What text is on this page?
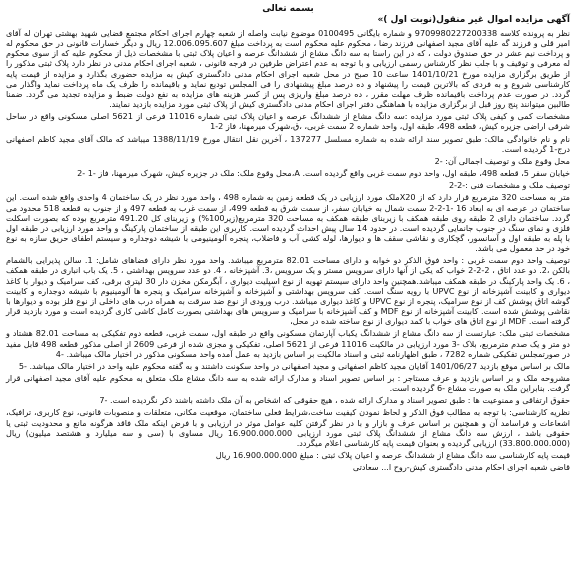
بسمه تعالی
آگهی مزایده اموال غیر منقول(نوبت اول )»

نظر به پرونده کلاسه 9709980227200338 و شماره بایگانی 0100495 موضوع نیابت واصله از شعبه چهارم اجرای احکام مجتمع قضایی شهید بهشتی تهران له آقای امیر قلی و فرزند گه علیه آقای مجید اصفهانی فرزند رضا ، محکوم علیه محکوم است به پرداخت مبلغ 12.006.095.607 ریال و دیگر خسارات قانونی در حق محکوم له و پرداخت نیم عشر در حق صندوق دولت ، که در این راستا به سه دانگ مشاع از ششدانگ عرصه و اعیان پلاک ثبتی با مشخصات ذیل از محکوم علیه که از سوی محکوم له معرفی و توقیف و با جلب نظر کارشناس رسمی ارزیابی و با توجه به عدم اعتراض طرفین در فرجه قانونی ، شعبه اجرای احکام مدنی در نظر دارد پلاک ثبتی مذکور را از طریق برگزاری مزایده مورخ 1401/10/21 ساعت 10 صبح در محل شعبه اجرای احکام مدنی دادگستری کیش به مزایده حضوری بگذارد و مزایده از قیمت پایه کارشناسی شروع و به فردی که بالاترین قیمت را پیشنهاد و ده درصد مبلغ پیشنهادی را فی المجلس تودیع نماید و باقیمانده را ظرف یک ماه پرداخت نماید واگذار می گردد. در صورت عدم پرداخت باقیمانده ظرف مهلت مقرر ، ده درصد مبلغ واریزی پس از کسر هزینه های مزایده به نفع دولت ضبط و مزایده تجدید می گردد. ضمنا طالبین میتوانند پنج روز قبل از برگزاری مزایده با هماهنگی دفتر اجرای احکام مدنی دادگستری کیش از پلاک ثبتی مورد مزایده بازدید نمایند.

مشخصات کمی و کیفی پلاک ثبتی مورد مزایده :سه دانگ مشاع از ششدانگ عرصه و اعیان پلاک ثبتی شماره 11016 فرعی از 5621 اصلی مسکونی واقع در ساحل شرقی اراضی جزیره کیش، قطعه 498، طبقه اول، واحد شماره 2 سمت غربی، ،ق،شهرک میرمهنا، فاز 2-1

نام و نام خانوادگی مالک: طبق تصویر سند ارائه شده به شماره مسلسل 137277 ، آخرین نقل انتقال مورخ 1388/11/19 میباشد که مالک آقای مجید کاظم اصفهانی درج-1 گردیده است.

محل وقوع ملک و توصیف اجمالی آن: -2

خیابان سفر 5، قطعه 498، طبقه اول، واحد دوم سمت غربی واقع گردیده است. A،محل وقوع ملک: ملک در جزیره کیش، شهرک میرمهنا، فاز -1 -2

توصیف ملک و مشخصات فنی :-2-2

متر به مساحت 320 مترمربع قرار دارد که از X20ملک مورد ارزیابی در یک قطعه زمین به شماره 498 ، واحد مورد نظر در یک ساختمان 4 واحدی واقع شده است. این ساختمان در عرصه ای به ابعاد 16 -1-2-2 سمت شمال به خیابان سفر، از سمت شرق به قطعه 499، از سمت غرب به قطعه 497 و از جنوب به قطعه 518 محدود می گردد. ساختمان دارای 2 طبقه روی طبقه همکف با زیربنای طبقه همکف به مساحت 320 مترمربع(زیر100%) و زیربنای کل 491.20 مترمربع بوده که بصورت اسکلت فلزی و نمای سنگ در جنوب جانمایی گردیده است. در حدود 14 سال پیش احداث گردیده است. کاربری این طبقه از ساختمان پارکینگ و واحد مورد ارزیابی در طبقه اول با پله به طبقه اول و آسانسور، گچکاری و نقاشی سقف ها و دیوارها، لوله کشی آب و فاضلاب، پنجره آلومینیومی با شیشه دوجداره و سیستم اطفای حریق سازه به نوع خود در حد معمول می باشد.

توصیف واحد دوم سمت غربی : واحد فوق الذکر دو خوابه و دارای مساحت 82.01 مترمربع میباشد. واحد مورد نظر دارای فضاهای شامل: 1. سالن پذیرایی بالشمام بالکن ،2. دو عدد اتاق ، 2-2-2 خواب که یکی از آنها دارای سرویس مستر و یک سرویس ،3. آشپزخانه ، 4. دو عدد سرویس بهداشتی ، 5. یک باب انباری در طبقه همکف ، 6. یک واحد پارکینگ در طبقه همکف میباشد.همچنین واحد دارای سیستم تهویه از نوع اسپلیت دیواری ، آبگرمکن مخزن دار 30 لیتری برقی، کف سرامیک و دیوار با کاغذ دیواری و کابینت آشپزخانه از نوع UPVC با رویه سنگ است. کف سرویس بهداشتی و آشپزخانه و آشپزخانه سرامیک و پنجره ها آلومینیوم با شیشه دوجداره و کابینت گوشه اتاق پوشش کف از نوع سرامیک، پنجره از نوع UPVC و کاغذ دیواری میباشد. درب ورودی از نوع ضد سرقت به همراه درب های داخلی از نوع فلز بوده و دیوارها با نقاشی پوشش شده است. کابینت آشپزخانه از نوع MDF و کف آشپزخانه با سرامیک و سرویس های بهداشتی بصورت کامل کاشی کاری گردیده است و مورد بازدید قرار گرفته است. MDF از نوع اتاق های خواب با کمد دیواری از نوع ساخته شده در محل،

مشخصات ثبتی ملک: عبارتست از سه دانگ مشاع از ششدانگ یکباب آپارتمان مسکونی واقع در طبقه اول، سمت غربی، قطعه دوم تفکیکی به مساحت 82.01 هشتاد و دو متر و یک صدم مترمربع، بلاک -3 مورد ارزیابی در مالکیت 11016 فرعی از 5621 اصلی، تفکیکی و مجزی شده از فرعی 2609 از اصلی مذکور قطعه 498 قابل مفید در صورتمجلس تفکیکی شماره 7282 ، طبق اظهارنامه ثبتی و اسناد مالکیت بر اساس بازدید به عمل آمده واحد مسکونی مذکور در اختیار مالک میباشد. -4

مالک بر اساس موقع بازدید 1401/06/27 آقایان مجید کاظم اصفهانی و مجید اصفهانی در واحد سکونت داشتند و به گفته محکوم علیه واحد در اختیار مالک میباشد. -5

مشروحه ملک و بر اساس بازدید و عرف مستاجر : بر اساس تصویر اسناد و مدارک ارائه شده به سه دانگ مشاع ملک متعلق به محکوم علیه آقای مجید اصفهانی قرار گرفت. بنابراین ملک به صورت مشاع -6 گردیده است.

حقوق ارتفاقی و ممنوعیت ها : طبق تصویر اسناد و مدارک ارائه شده ، هیچ حقوقی که اشخاص به آن ملک داشته باشند ذکر نگردیده است. -7

نظریه کارشناسی: با توجه به مطالب فوق الذکر و لحاظ نمودن کیفیت ساخت،شرایط فعلی ساختمان، موقعیت مکانی، متعلقات و منصوبات قانونی، نوع کاربری، ترافیک، اشعاعات و فراسامد آن و همچنین بر اساس عرف و بازار و با در نظر گرفتن کلیه عوامل موثر در ارزیابی و با فرض اینکه ملک فاقد هرگونه مانع و محدودیت ثبتی یا حقوقی باشد ، ارزش سه دانگ مشاع از ششدانگ پلاک ثبتی مورد ارزیابی 16.900.000.000 ریال مساوی با (سی و سه میلیارد و هشتصد میلیون) ریال (33.800.000.000) ارزیابی گردیده و بعنوان قیمت پایه کارشناسی اعلام میگردد.

قیمت پایه کارشناسی سه دانگ مشاع از ششدانگ عرصه و اعیان پلاک ثبتی : مبلغ 16.900.000.000 ریال

قاضی شعبه اجرای احکام مدنی دادگستری کیش-روح ا... سعادتی
